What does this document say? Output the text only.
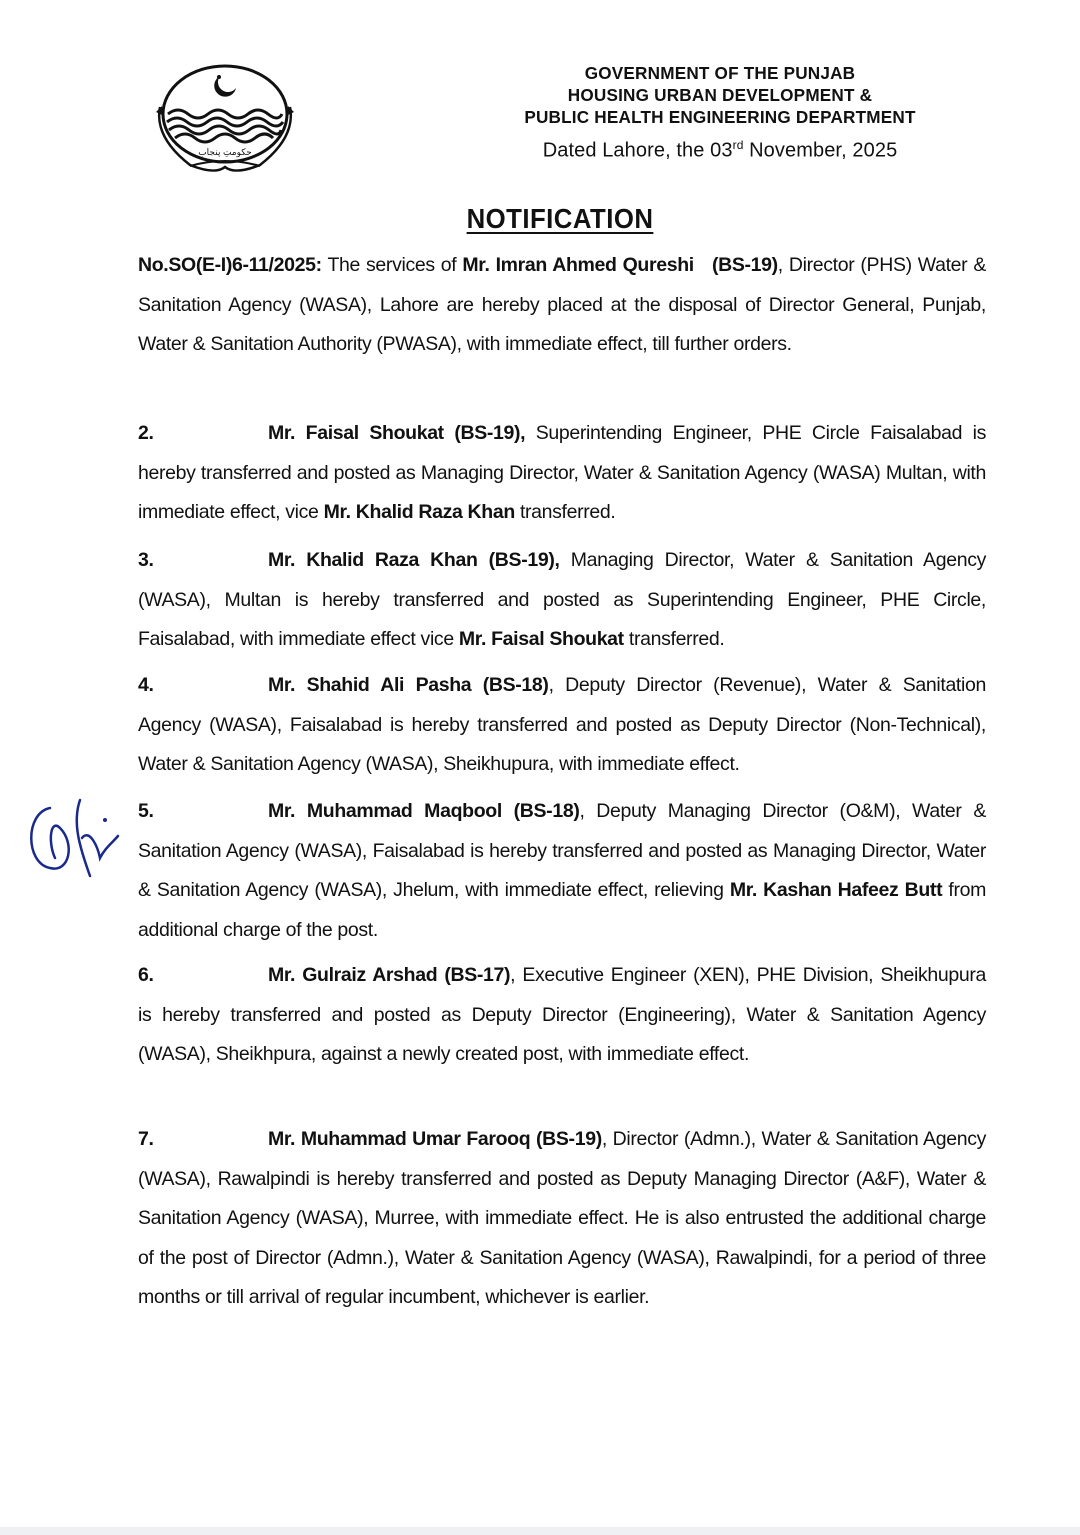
حکومتِ پنجاب
GOVERNMENT OF THE PUNJAB
HOUSING URBAN DEVELOPMENT &
PUBLIC HEALTH ENGINEERING DEPARTMENT
Dated Lahore, the 03rd November, 2025
NOTIFICATION
No.SO(E-I)6-11/2025: The services of Mr. Imran Ahmed Qureshi   (BS-19), Director (PHS) Water & Sanitation Agency (WASA), Lahore are hereby placed at the disposal of Director General, Punjab, Water & Sanitation Authority (PWASA), with immediate effect, till further orders.
2.	Mr. Faisal Shoukat (BS-19), Superintending Engineer, PHE Circle Faisalabad is hereby transferred and posted as Managing Director, Water & Sanitation Agency (WASA) Multan, with immediate effect, vice Mr. Khalid Raza Khan transferred.
3.	Mr. Khalid Raza Khan (BS-19), Managing Director, Water & Sanitation Agency (WASA), Multan is hereby transferred and posted as Superintending Engineer, PHE Circle, Faisalabad, with immediate effect vice Mr. Faisal Shoukat transferred.
4.	Mr. Shahid Ali Pasha (BS-18), Deputy Director (Revenue), Water & Sanitation Agency (WASA), Faisalabad is hereby transferred and posted as Deputy Director (Non-Technical), Water & Sanitation Agency (WASA), Sheikhupura, with immediate effect.
5.	Mr. Muhammad Maqbool (BS-18), Deputy Managing Director (O&M), Water & Sanitation Agency (WASA), Faisalabad is hereby transferred and posted as Managing Director, Water & Sanitation Agency (WASA), Jhelum, with immediate effect, relieving Mr. Kashan Hafeez Butt from additional charge of the post.
6.	Mr. Gulraiz Arshad (BS-17), Executive Engineer (XEN), PHE Division, Sheikhupura is hereby transferred and posted as Deputy Director (Engineering), Water & Sanitation Agency (WASA), Sheikhpura, against a newly created post, with immediate effect.
7.	Mr. Muhammad Umar Farooq (BS-19), Director (Admn.), Water & Sanitation Agency (WASA), Rawalpindi is hereby transferred and posted as Deputy Managing Director (A&F), Water & Sanitation Agency (WASA), Murree, with immediate effect. He is also entrusted the additional charge of the post of Director (Admn.), Water & Sanitation Agency (WASA), Rawalpindi, for a period of three months or till arrival of regular incumbent, whichever is earlier.
